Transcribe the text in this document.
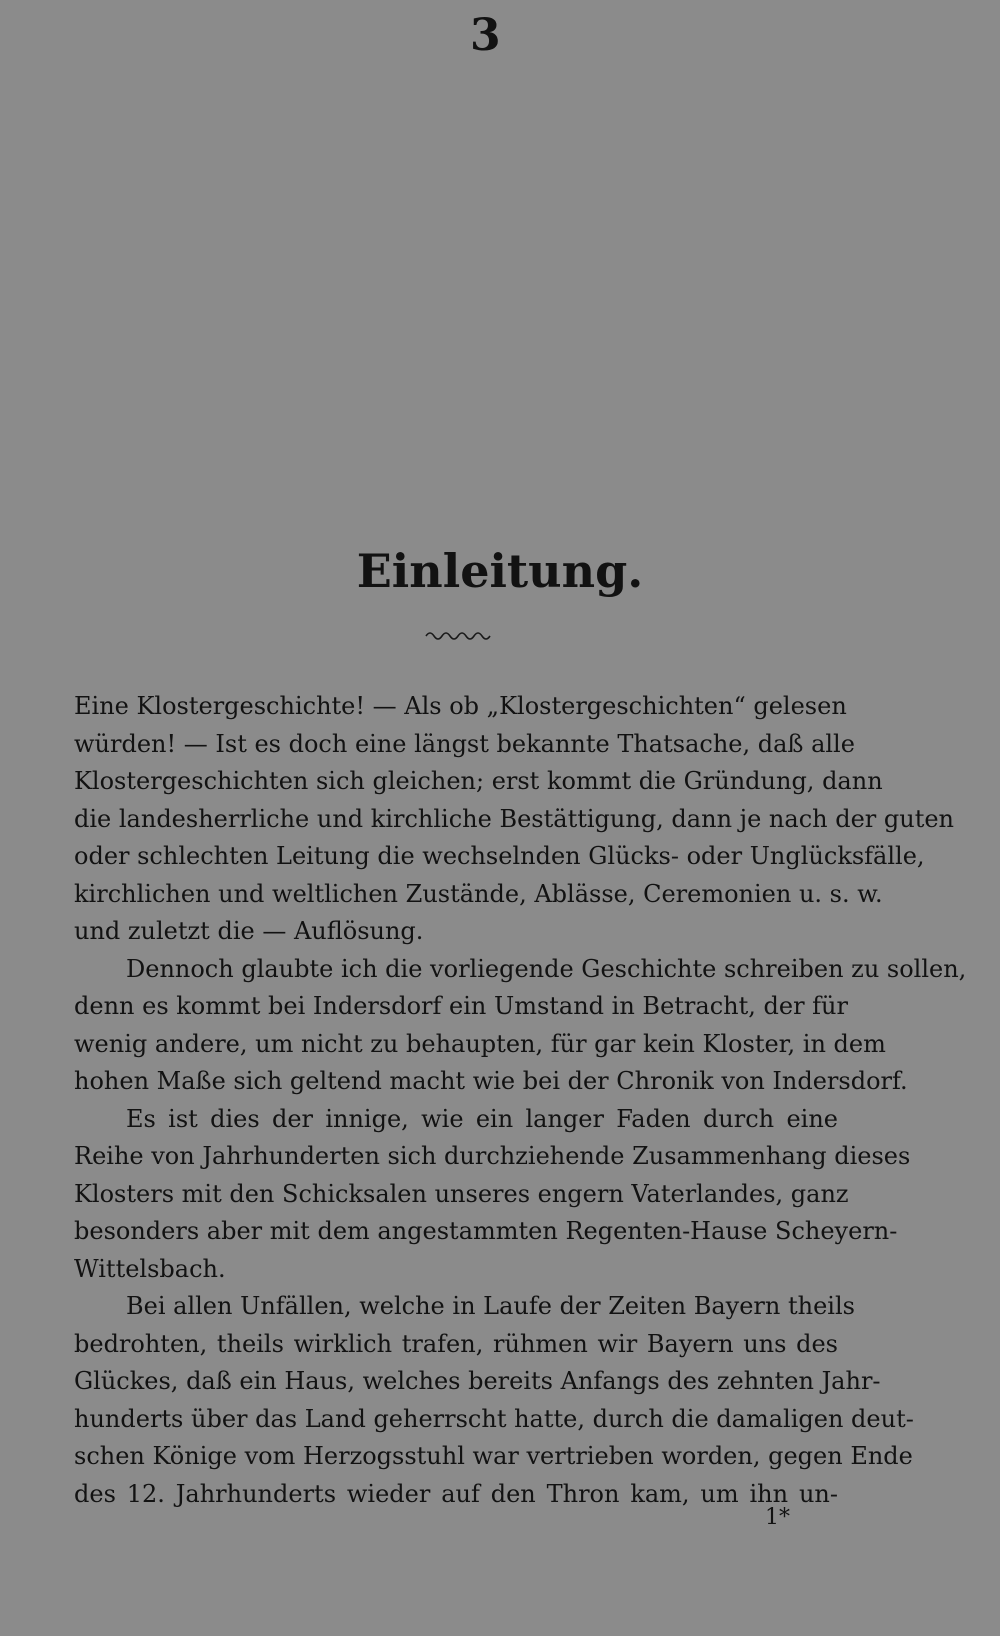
3
Einleitung.
Eine Klostergeschichte! — Als ob „Klostergeschichten“ gelesen
würden! — Ist es doch eine längst bekannte Thatsache, daß alle
Klostergeschichten sich gleichen; erst kommt die Gründung, dann
die landesherrliche und kirchliche Bestättigung, dann je nach der guten
oder schlechten Leitung die wechselnden Glücks- oder Unglücksfälle,
kirchlichen und weltlichen Zustände, Ablässe, Ceremonien u. s. w.
und zuletzt die — Auflösung.
Dennoch glaubte ich die vorliegende Geschichte schreiben zu sollen,
denn es kommt bei Indersdorf ein Umstand in Betracht, der für
wenig andere, um nicht zu behaupten, für gar kein Kloster, in dem
hohen Maße sich geltend macht wie bei der Chronik von Indersdorf.
Es ist dies der innige, wie ein langer Faden durch eine
Reihe von Jahrhunderten sich durchziehende Zusammenhang dieses
Klosters mit den Schicksalen unseres engern Vaterlandes, ganz
besonders aber mit dem angestammten Regenten-Hause Scheyern-
Wittelsbach.
Bei allen Unfällen, welche in Laufe der Zeiten Bayern theils
bedrohten, theils wirklich trafen, rühmen wir Bayern uns des
Glückes, daß ein Haus, welches bereits Anfangs des zehnten Jahr-
hunderts über das Land geherrscht hatte, durch die damaligen deut-
schen Könige vom Herzogsstuhl war vertrieben worden, gegen Ende
des 12. Jahrhunderts wieder auf den Thron kam, um ihn un-
1*
